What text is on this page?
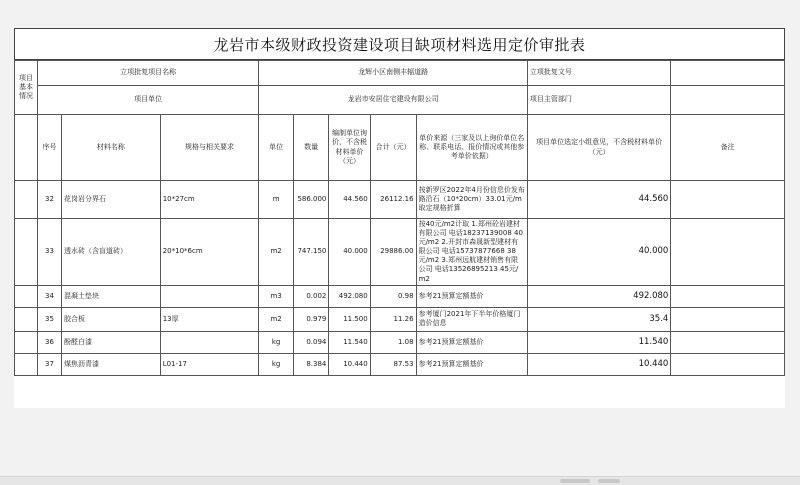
龙岩市本级财政投资建设项目缺项材料选用定价审批表
项目基本情况	立项批复项目名称			龙辉小区南侧丰辐道路					立项批复文号	
	项目单位			龙岩市安居住宅建设有限公司					项目主管部门	
	序号	材料名称	规格与相关要求	单位	数量	编制单位询价，不含税材料单价（元）	合计（元）	单价来源（三家及以上询价单位名称、联系电话、报价情况或其他参考单价依据）	项目单位选定小组意见，不含税材料单价（元）	备注
	32	花岗岩分界石	10*27cm	m	586.000	44.560	26112.16	按新罗区2022年4月份信息价发布路沿石（10*20cm）33.01元/m取定规格折算	44.560	
	33	透水砖（含盲道砖）	20*10*6cm	m2	747.150	40.000	29886.00	按40元/m2计取 1.郑州砼岩建材有限公司 电话18237139008 40元/m2 2.开封市森晟新型建材有限公司 电话15737877668 38元/m2 3.郑州远航建材销售有限公司 电话13526895213 45元/m2	40.000	
	34	混凝土垫块		m3	0.002	492.080	0.98	参考21预算定额基价	492.080	
	35	胶合板	13厚	m2	0.979	11.500	11.26	参考厦门2021年下半年价格厦门造价信息	35.4	
	36	酚醛白漆		kg	0.094	11.540	1.08	参考21预算定额基价	11.540	
	37	煤焦沥青漆	L01-17	kg	8.384	10.440	87.53	参考21预算定额基价	10.440	
